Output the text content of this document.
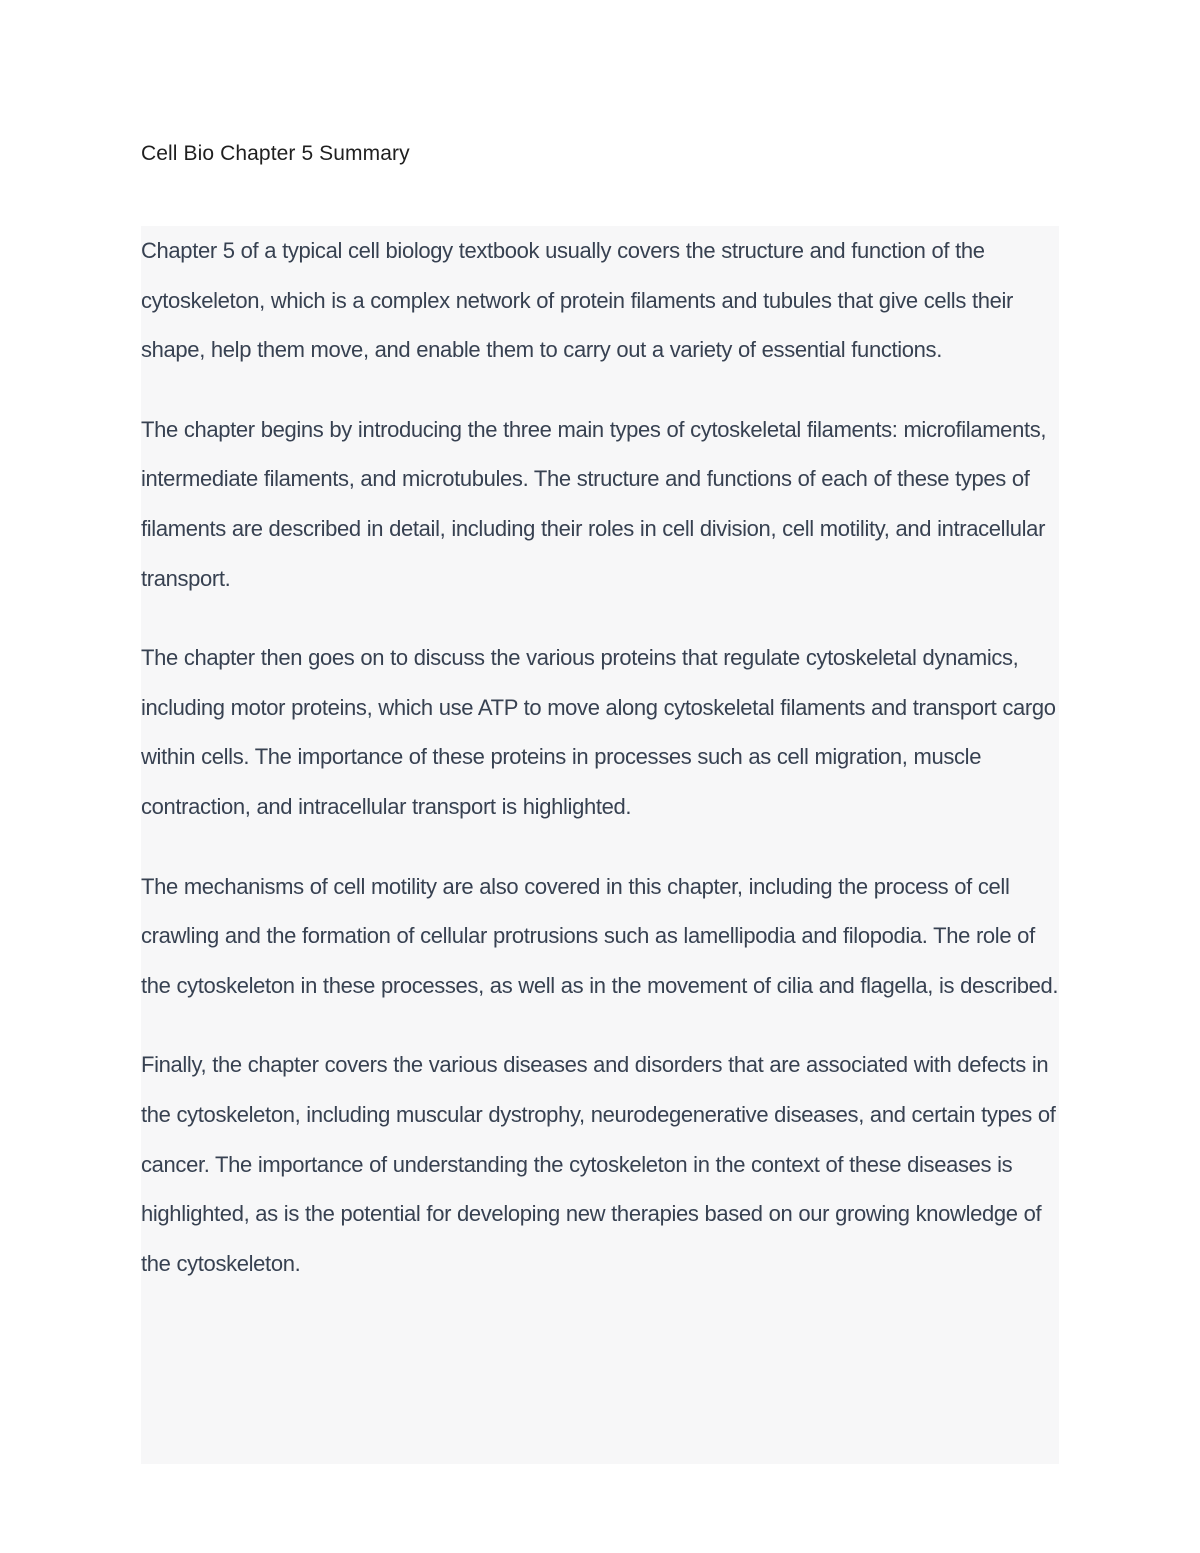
Cell Bio Chapter 5 Summary

Chapter 5 of a typical cell biology textbook usually covers the structure and function of the cytoskeleton, which is a complex network of protein filaments and tubules that give cells their shape, help them move, and enable them to carry out a variety of essential functions.

The chapter begins by introducing the three main types of cytoskeletal filaments: microfilaments, intermediate filaments, and microtubules. The structure and functions of each of these types of filaments are described in detail, including their roles in cell division, cell motility, and intracellular transport.

The chapter then goes on to discuss the various proteins that regulate cytoskeletal dynamics, including motor proteins, which use ATP to move along cytoskeletal filaments and transport cargo within cells. The importance of these proteins in processes such as cell migration, muscle contraction, and intracellular transport is highlighted.

The mechanisms of cell motility are also covered in this chapter, including the process of cell crawling and the formation of cellular protrusions such as lamellipodia and filopodia. The role of the cytoskeleton in these processes, as well as in the movement of cilia and flagella, is described.

Finally, the chapter covers the various diseases and disorders that are associated with defects in the cytoskeleton, including muscular dystrophy, neurodegenerative diseases, and certain types of cancer. The importance of understanding the cytoskeleton in the context of these diseases is highlighted, as is the potential for developing new therapies based on our growing knowledge of the cytoskeleton.
